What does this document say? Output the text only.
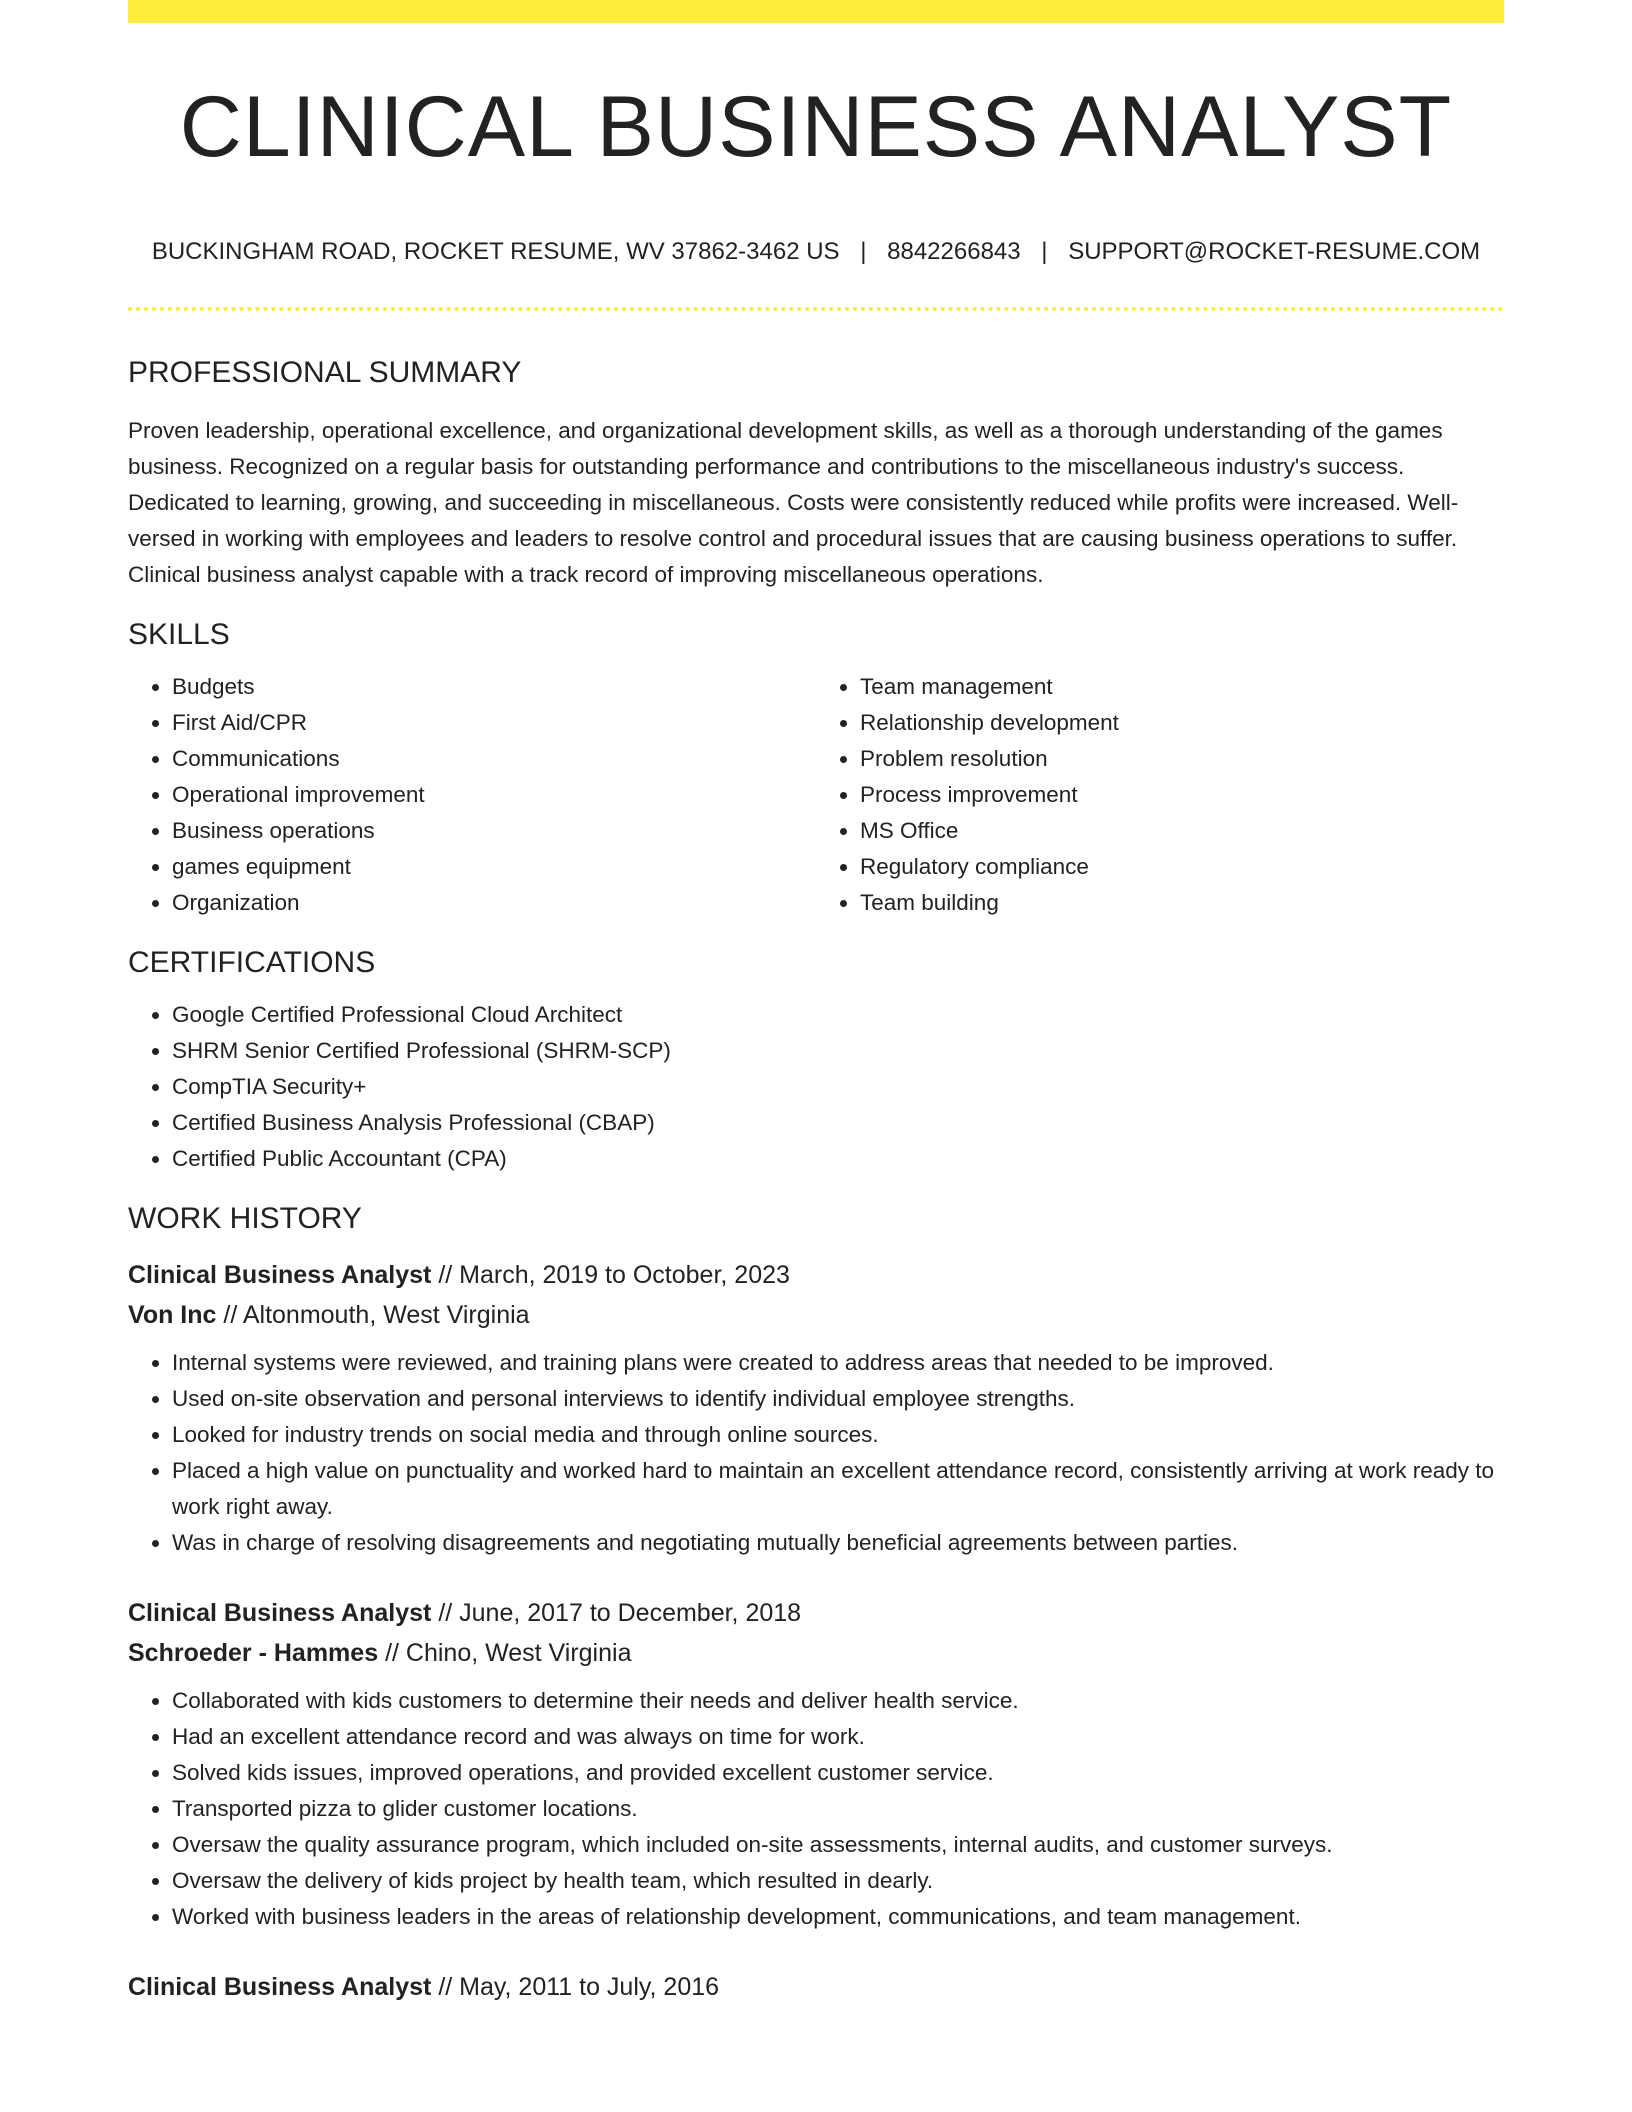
CLINICAL BUSINESS ANALYST
BUCKINGHAM ROAD, ROCKET RESUME, WV 37862-3462 US | 8842266843 | SUPPORT@ROCKET-RESUME.COM
PROFESSIONAL SUMMARY

Proven leadership, operational excellence, and organizational development skills, as well as a thorough understanding of the games business. Recognized on a regular basis for outstanding performance and contributions to the miscellaneous industry's success. Dedicated to learning, growing, and succeeding in miscellaneous. Costs were consistently reduced while profits were increased. Well-versed in working with employees and leaders to resolve control and procedural issues that are causing business operations to suffer. Clinical business analyst capable with a track record of improving miscellaneous operations.

SKILLS
• Budgets
• First Aid/CPR
• Communications
• Operational improvement
• Business operations
• games equipment
• Organization
• Team management
• Relationship development
• Problem resolution
• Process improvement
• MS Office
• Regulatory compliance
• Team building
CERTIFICATIONS
• Google Certified Professional Cloud Architect
• SHRM Senior Certified Professional (SHRM-SCP)
• CompTIA Security+
• Certified Business Analysis Professional (CBAP)
• Certified Public Accountant (CPA)
WORK HISTORY
Clinical Business Analyst // March, 2019 to October, 2023
Von Inc // Altonmouth, West Virginia
• Internal systems were reviewed, and training plans were created to address areas that needed to be improved.
• Used on-site observation and personal interviews to identify individual employee strengths.
• Looked for industry trends on social media and through online sources.
• Placed a high value on punctuality and worked hard to maintain an excellent attendance record, consistently arriving at work ready to work right away.
• Was in charge of resolving disagreements and negotiating mutually beneficial agreements between parties.
Clinical Business Analyst // June, 2017 to December, 2018
Schroeder - Hammes // Chino, West Virginia
• Collaborated with kids customers to determine their needs and deliver health service.
• Had an excellent attendance record and was always on time for work.
• Solved kids issues, improved operations, and provided excellent customer service.
• Transported pizza to glider customer locations.
• Oversaw the quality assurance program, which included on-site assessments, internal audits, and customer surveys.
• Oversaw the delivery of kids project by health team, which resulted in dearly.
• Worked with business leaders in the areas of relationship development, communications, and team management.
Clinical Business Analyst // May, 2011 to July, 2016
